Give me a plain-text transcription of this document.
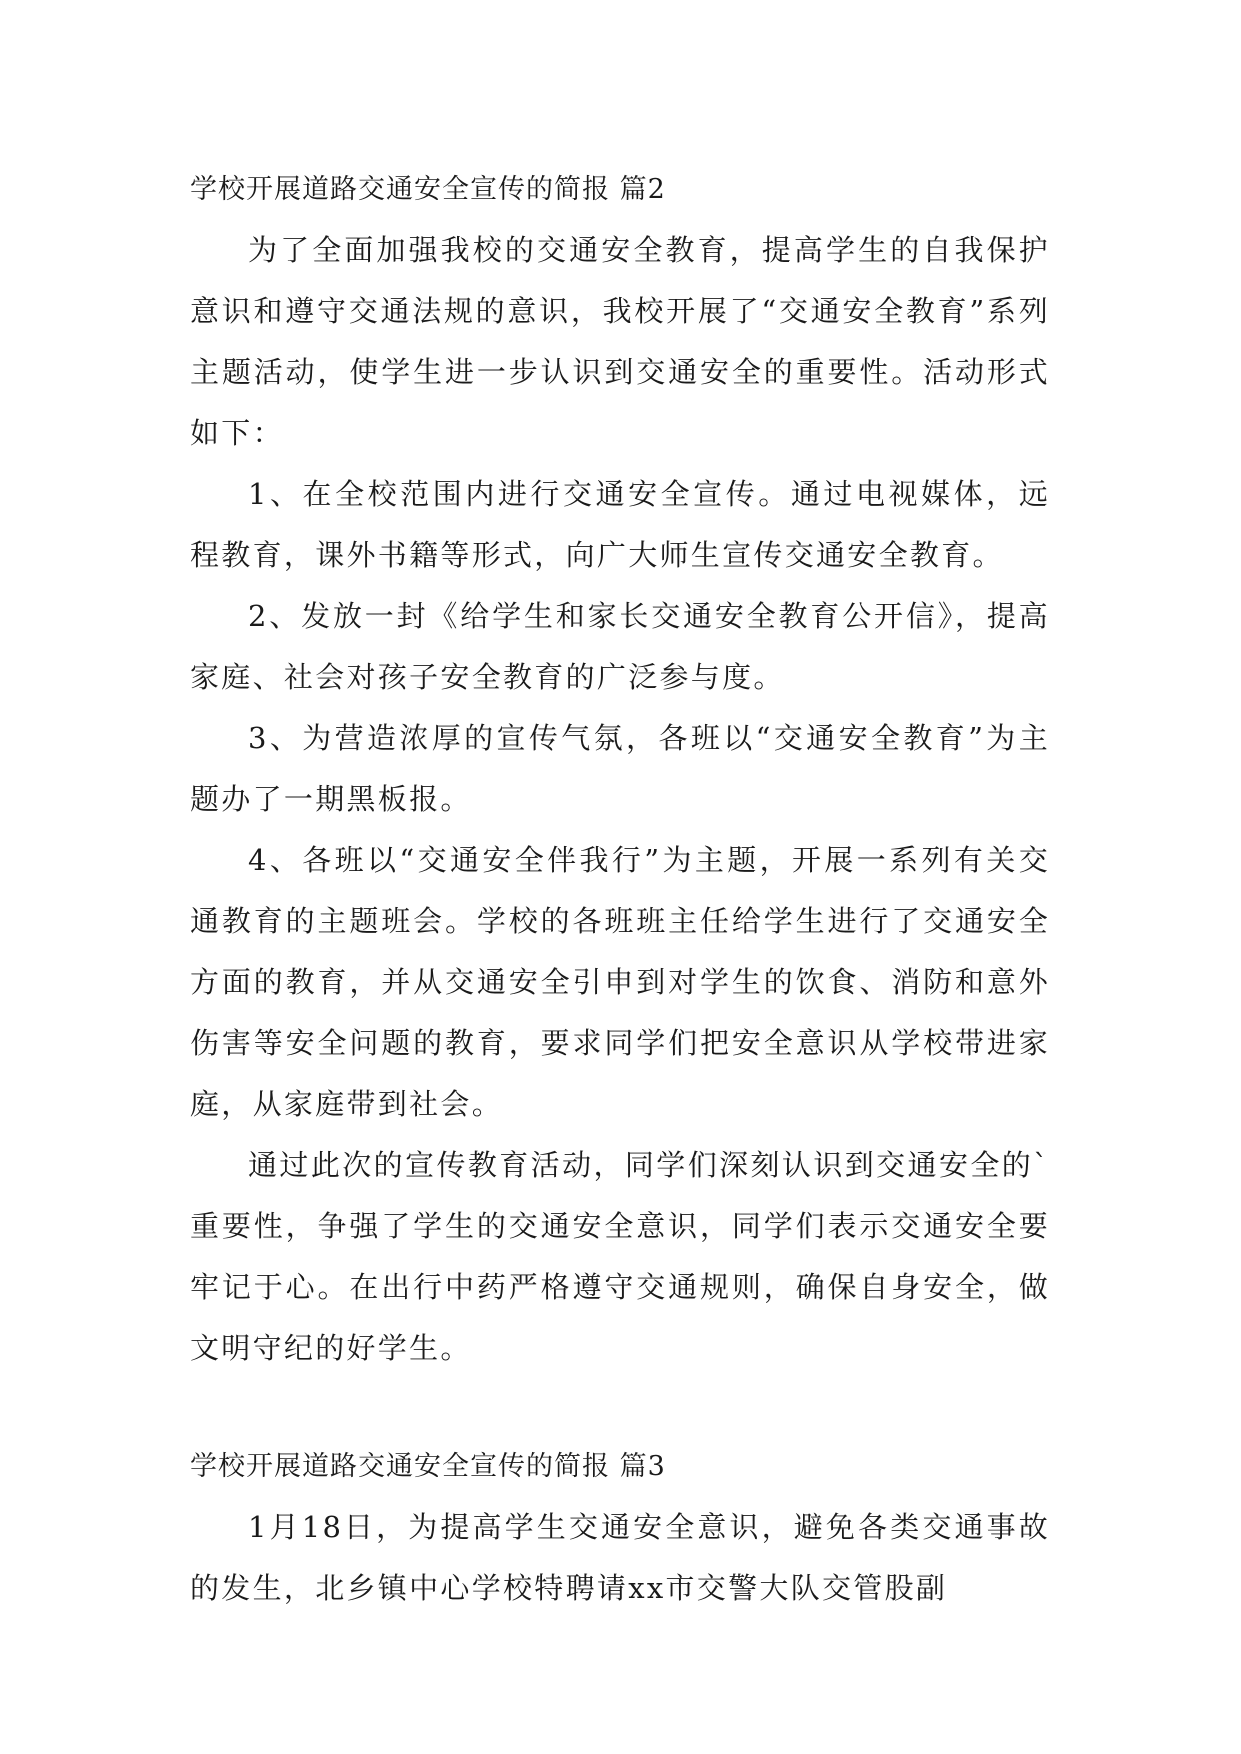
学校开展道路交通安全宣传的简报 篇2

为了全面加强我校的交通安全教育，提高学生的自我保护意识和遵守交通法规的意识，我校开展了“交通安全教育”系列主题活动，使学生进一步认识到交通安全的重要性。活动形式如下：

1、在全校范围内进行交通安全宣传。通过电视媒体，远程教育，课外书籍等形式，向广大师生宣传交通安全教育。

2、发放一封《给学生和家长交通安全教育公开信》，提高家庭、社会对孩子安全教育的广泛参与度。

3、为营造浓厚的宣传气氛，各班以“交通安全教育”为主题办了一期黑板报。

4、各班以“交通安全伴我行”为主题，开展一系列有关交通教育的主题班会。学校的各班班主任给学生进行了交通安全方面的教育，并从交通安全引申到对学生的饮食、消防和意外伤害等安全问题的教育，要求同学们把安全意识从学校带进家庭，从家庭带到社会。

通过此次的宣传教育活动，同学们深刻认识到交通安全的`重要性，争强了学生的交通安全意识，同学们表示交通安全要牢记于心。在出行中药严格遵守交通规则，确保自身安全，做文明守纪的好学生。

学校开展道路交通安全宣传的简报 篇3

1月18日，为提高学生交通安全意识，避免各类交通事故的发生，北乡镇中心学校特聘请xx市交警大队交管股副
